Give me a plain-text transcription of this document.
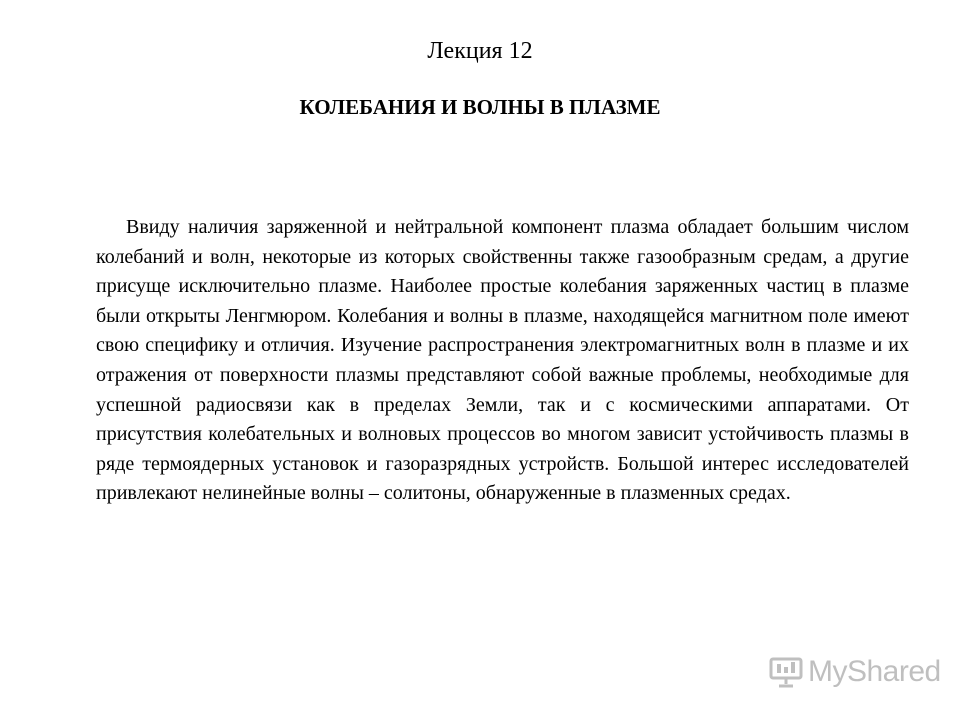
Лекция 12
КОЛЕБАНИЯ И ВОЛНЫ В ПЛАЗМЕ

Ввиду наличия заряженной и нейтральной компонент плазма обладает большим числом колебаний и волн, некоторые из которых свойственны также газообразным средам, а другие присуще исключительно плазме. Наиболее простые колебания заряженных частиц в плазме были открыты Ленгмюром. Колебания и волны в плазме, находящейся магнитном поле имеют свою специфику и отличия. Изучение распространения электромагнитных волн в плазме и их отражения от поверхности плазмы представляют собой важные проблемы, необходимые для успешной радиосвязи как в пределах Земли, так и с космическими аппаратами. От присутствия колебательных и волновых процессов во многом зависит устойчивость плазмы в ряде термоядерных установок и газоразрядных устройств. Большой интерес исследователей привлекают нелинейные волны – солитоны, обнаруженные в плазменных средах.

MyShared
